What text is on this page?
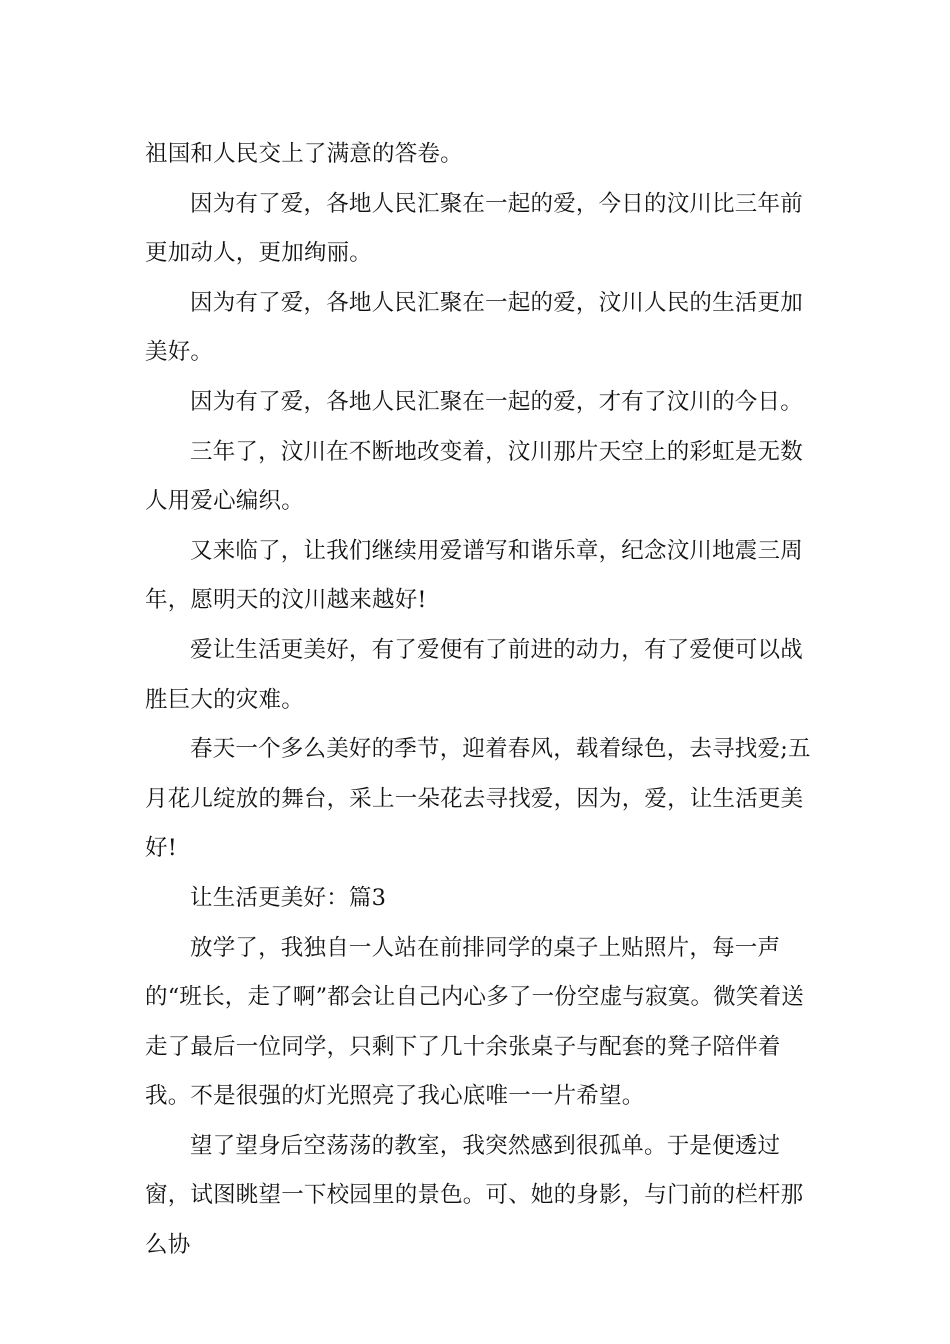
祖国和人民交上了满意的答卷。

因为有了爱，各地人民汇聚在一起的爱，今日的汶川比三年前更加动人，更加绚丽。

因为有了爱，各地人民汇聚在一起的爱，汶川人民的生活更加美好。

因为有了爱，各地人民汇聚在一起的爱，才有了汶川的今日。

三年了，汶川在不断地改变着，汶川那片天空上的彩虹是无数人用爱心编织。

又来临了，让我们继续用爱谱写和谐乐章，纪念汶川地震三周年，愿明天的汶川越来越好!

爱让生活更美好，有了爱便有了前进的动力，有了爱便可以战胜巨大的灾难。

春天一个多么美好的季节，迎着春风，载着绿色，去寻找爱;五月花儿绽放的舞台，采上一朵花去寻找爱，因为，爱，让生活更美好!

让生活更美好：篇3

放学了，我独自一人站在前排同学的桌子上贴照片，每一声的“班长，走了啊”都会让自己内心多了一份空虚与寂寞。微笑着送走了最后一位同学，只剩下了几十余张桌子与配套的凳子陪伴着我。不是很强的灯光照亮了我心底唯一一片希望。

望了望身后空荡荡的教室，我突然感到很孤单。于是便透过窗，试图眺望一下校园里的景色。可、她的身影，与门前的栏杆那么协
